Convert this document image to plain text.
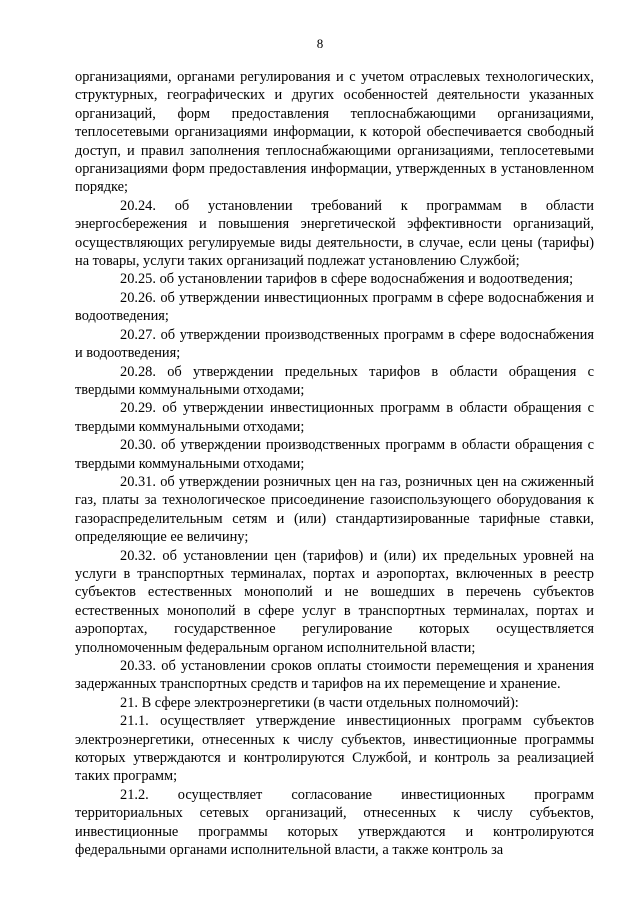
8

организациями, органами регулирования и с учетом отраслевых технологических, структурных, географических и других особенностей деятельности указанных организаций, форм предоставления теплоснабжающими организациями, теплосетевыми организациями информации, к которой обеспечивается свободный доступ, и правил заполнения теплоснабжающими организациями, теплосетевыми организациями форм предоставления информации, утвержденных в установленном порядке;

20.24. об установлении требований к программам в области энергосбережения и повышения энергетической эффективности организаций, осуществляющих регулируемые виды деятельности, в случае, если цены (тарифы) на товары, услуги таких организаций подлежат установлению Службой;

20.25. об установлении тарифов в сфере водоснабжения и водоотведения;

20.26. об утверждении инвестиционных программ в сфере водоснабжения и водоотведения;

20.27. об утверждении производственных программ в сфере водоснабжения и водоотведения;

20.28. об утверждении предельных тарифов в области обращения с твердыми коммунальными отходами;

20.29. об утверждении инвестиционных программ в области обращения с твердыми коммунальными отходами;

20.30. об утверждении производственных программ в области обращения с твердыми коммунальными отходами;

20.31. об утверждении розничных цен на газ, розничных цен на сжиженный газ, платы за технологическое присоединение газоиспользующего оборудования к газораспределительным сетям и (или) стандартизированные тарифные ставки, определяющие ее величину;

20.32. об установлении цен (тарифов) и (или) их предельных уровней на услуги в транспортных терминалах, портах и аэропортах, включенных в реестр субъектов естественных монополий и не вошедших в перечень субъектов естественных монополий в сфере услуг в транспортных терминалах, портах и аэропортах, государственное регулирование которых осуществляется уполномоченным федеральным органом исполнительной власти;

20.33. об установлении сроков оплаты стоимости перемещения и хранения задержанных транспортных средств и тарифов на их перемещение и хранение.

21. В сфере электроэнергетики (в части отдельных полномочий):

21.1. осуществляет утверждение инвестиционных программ субъектов электроэнергетики, отнесенных к числу субъектов, инвестиционные программы которых утверждаются и контролируются Службой, и контроль за реализацией таких программ;

21.2. осуществляет согласование инвестиционных программ территориальных сетевых организаций, отнесенных к числу субъектов, инвестиционные программы которых утверждаются и контролируются федеральными органами исполнительной власти, а также контроль за
